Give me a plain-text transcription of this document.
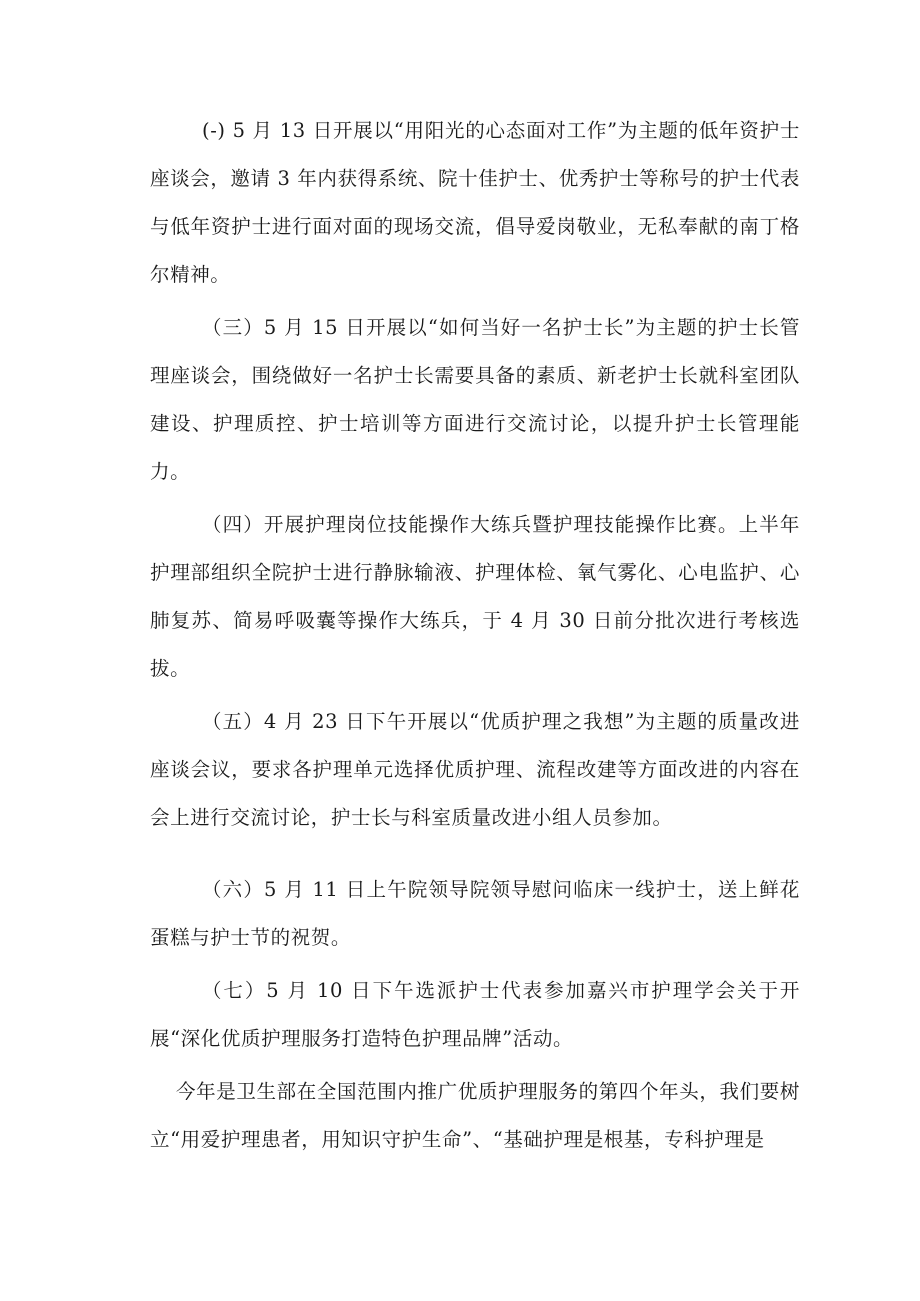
(-) 5 月 13 日开展以“用阳光的心态面对工作”为主题的低年资护士座谈会，邀请 3 年内获得系统、院十佳护士、优秀护士等称号的护士代表与低年资护士进行面对面的现场交流，倡导爱岗敬业，无私奉献的南丁格尔精神。

（三）5 月 15 日开展以“如何当好一名护士长”为主题的护士长管理座谈会，围绕做好一名护士长需要具备的素质、新老护士长就科室团队建设、护理质控、护士培训等方面进行交流讨论，以提升护士长管理能力。

（四）开展护理岗位技能操作大练兵暨护理技能操作比赛。上半年护理部组织全院护士进行静脉输液、护理体检、氧气雾化、心电监护、心肺复苏、简易呼吸囊等操作大练兵，于 4 月 30 日前分批次进行考核选拔。

（五）4 月 23 日下午开展以“优质护理之我想”为主题的质量改进座谈会议，要求各护理单元选择优质护理、流程改建等方面改进的内容在会上进行交流讨论，护士长与科室质量改进小组人员参加。

（六）5 月 11 日上午院领导院领导慰问临床一线护士，送上鲜花蛋糕与护士节的祝贺。

（七）5 月 10 日下午选派护士代表参加嘉兴市护理学会关于开展“深化优质护理服务打造特色护理品牌”活动。

今年是卫生部在全国范围内推广优质护理服务的第四个年头，我们要树立“用爱护理患者，用知识守护生命”、“基础护理是根基，专科护理是
